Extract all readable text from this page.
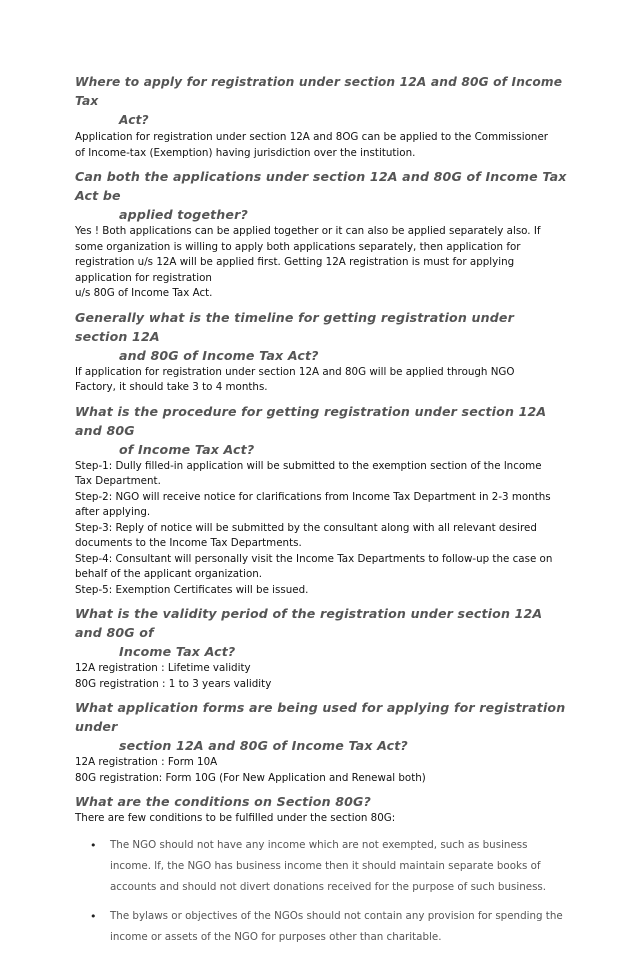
Where to apply for registration under section 12A and 80G of Income Tax
Act?

Application for registration under section 12A and 8OG can be applied to the Commissioner
of Income-tax (Exemption) having jurisdiction over the institution.

Can both the applications under section 12A and 80G of Income Tax Act be
applied together?

Yes ! Both applications can be applied together or it can also be applied separately also. If
some organization is willing to apply both applications separately, then application for
registration u/s 12A will be applied first. Getting 12A registration is must for applying
application for registration
u/s 80G of Income Tax Act.

Generally what is the timeline for getting registration under section 12A
and 80G of Income Tax Act?

If application for registration under section 12A and 80G will be applied through NGO
Factory, it should take 3 to 4 months.

What is the procedure for getting registration under section 12A and 80G
of Income Tax Act?

Step-1: Dully filled-in application will be submitted to the exemption section of the lncome
Tax Department.
Step-2: NGO will receive notice for clarifications from Income Tax Department in 2-3 months
after applying.
Step-3: Reply of notice will be submitted by the consultant along with all relevant desired
documents to the Income Tax Departments.
Step-4: Consultant will personally visit the Income Tax Departments to follow-up the case on
behalf of the applicant organization.
Step-5: Exemption Certificates will be issued.

What is the validity period of the registration under section 12A and 80G of
Income Tax Act?

12A registration : Lifetime validity
80G registration : 1 to 3 years validity

What application forms are being used for applying for registration under
section 12A and 80G of Income Tax Act?

12A registration : Form 10A
80G registration: Form 10G (For New Application and Renewal both)

What are the conditions on Section 80G?

There are few conditions to be fulfilled under the section 80G:

• The NGO should not have any income which are not exempted, such as business income. lf, the NGO has business income then it should maintain separate books of accounts and should not divert donations received for the purpose of such business.
• The bylaws or objectives of the NGOs should not contain any provision for spending the income or assets of the NGO for purposes other than charitable.
